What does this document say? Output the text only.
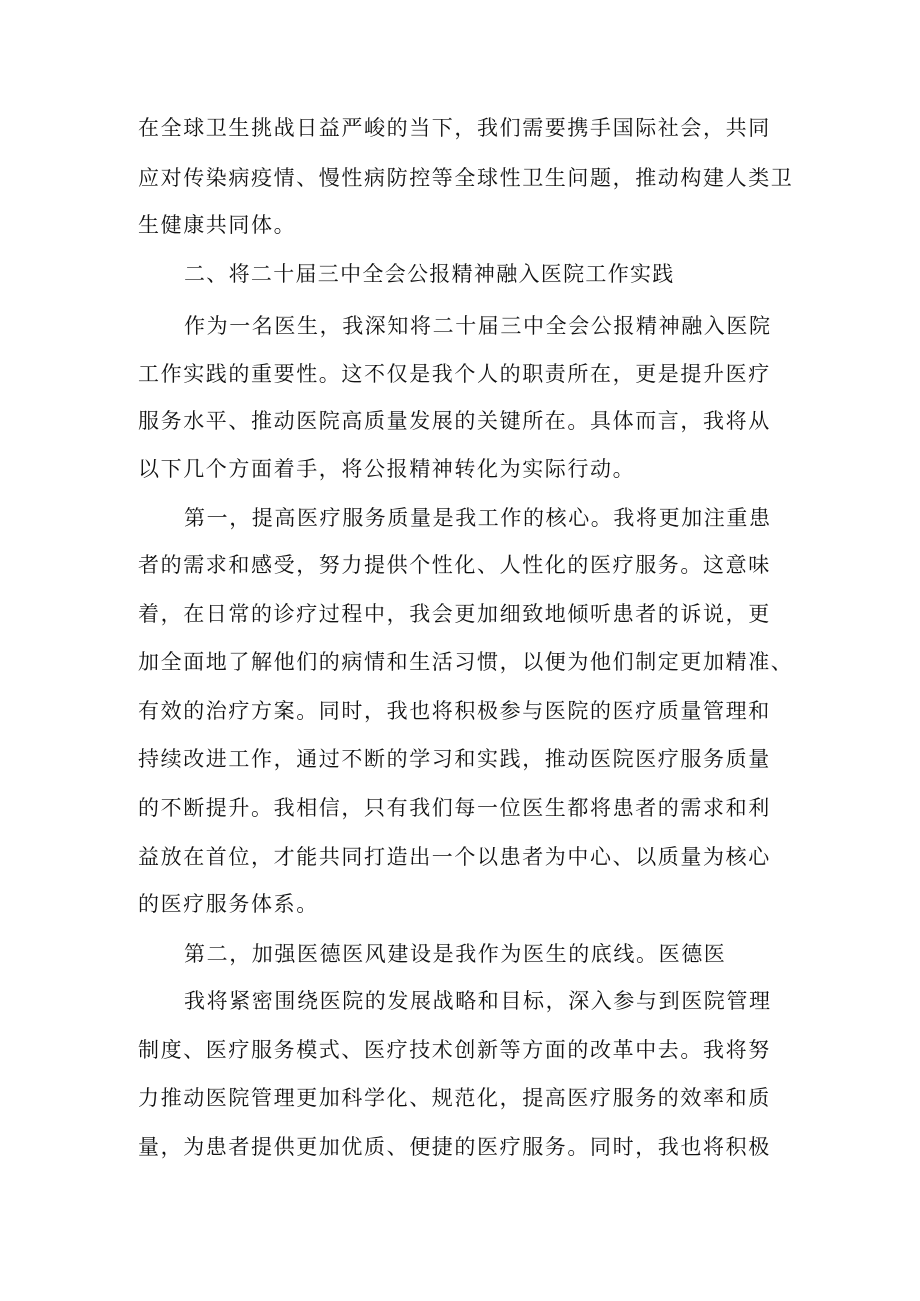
在全球卫生挑战日益严峻的当下，我们需要携手国际社会，共同
应对传染病疫情、慢性病防控等全球性卫生问题，推动构建人类卫
生健康共同体。
二、将二十届三中全会公报精神融入医院工作实践
作为一名医生，我深知将二十届三中全会公报精神融入医院
工作实践的重要性。这不仅是我个人的职责所在，更是提升医疗
服务水平、推动医院高质量发展的关键所在。具体而言，我将从
以下几个方面着手，将公报精神转化为实际行动。
第一，提高医疗服务质量是我工作的核心。我将更加注重患
者的需求和感受，努力提供个性化、人性化的医疗服务。这意味
着，在日常的诊疗过程中，我会更加细致地倾听患者的诉说，更
加全面地了解他们的病情和生活习惯，以便为他们制定更加精准、
有效的治疗方案。同时，我也将积极参与医院的医疗质量管理和
持续改进工作，通过不断的学习和实践，推动医院医疗服务质量
的不断提升。我相信，只有我们每一位医生都将患者的需求和利
益放在首位，才能共同打造出一个以患者为中心、以质量为核心
的医疗服务体系。
第二，加强医德医风建设是我作为医生的底线。医德医
我将紧密围绕医院的发展战略和目标，深入参与到医院管理
制度、医疗服务模式、医疗技术创新等方面的改革中去。我将努
力推动医院管理更加科学化、规范化，提高医疗服务的效率和质
量，为患者提供更加优质、便捷的医疗服务。同时，我也将积极
